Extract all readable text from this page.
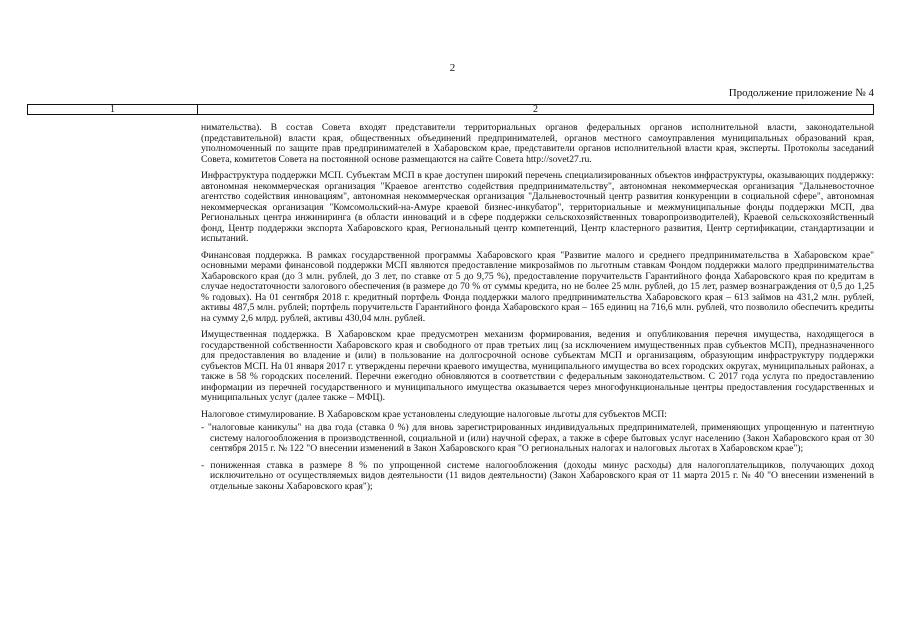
2
Продолжение приложение № 4
1	2

нимательства). В состав Совета входят представители территориальных органов федеральных органов исполнительной власти, законодательной (представительной) власти края, общественных объединений предпринимателей, органов местного самоуправления муниципальных образований края, уполномоченный по защите прав предпринимателей в Хабаровском крае, представители органов исполнительной власти края, эксперты. Протоколы заседаний Совета, комитетов Совета на постоянной основе размещаются на сайте Совета http://sovet27.ru.

Инфраструктура поддержки МСП. Субъектам МСП в крае доступен широкий перечень специализированных объектов инфраструктуры, оказывающих поддержку: автономная некоммерческая организация "Краевое агентство содействия предпринимательству", автономная некоммерческая организация "Дальневосточное агентство содействия инновациям", автономная некоммерческая организация "Дальневосточный центр развития конкуренции в социальной сфере", автономная некоммерческая организация "Комсомольский-на-Амуре краевой бизнес-инкубатор", территориальные и межмуниципальные фонды поддержки МСП, два Региональных центра инжиниринга (в области инноваций и в сфере поддержки сельскохозяйственных товаропроизводителей), Краевой сельскохозяйственный фонд, Центр поддержки экспорта Хабаровского края, Региональный центр компетенций, Центр кластерного развития, Центр сертификации, стандартизации и испытаний.

Финансовая поддержка. В рамках государственной программы Хабаровского края "Развитие малого и среднего предпринимательства в Хабаровском крае" основными мерами финансовой поддержки МСП являются предоставление микрозаймов по льготным ставкам Фондом поддержки малого предпринимательства Хабаровского края (до 3 млн. рублей, до 3 лет, по ставке от 5 до 9,75 %), предоставление поручительств Гарантийного фонда Хабаровского края по кредитам в случае недостаточности залогового обеспечения (в размере до 70 % от суммы кредита, но не более 25 млн. рублей, до 15 лет, размер вознаграждения от 0,5 до 1,25 % годовых). На 01 сентября 2018 г. кредитный портфель Фонда поддержки малого предпринимательства Хабаровского края – 613 займов на 431,2 млн. рублей, активы 487,5 млн. рублей; портфель поручительств Гарантийного фонда Хабаровского края – 165 единиц на 716,6 млн. рублей, что позволило обеспечить кредиты на сумму 2,6 млрд. рублей, активы 430,04 млн. рублей.

Имущественная поддержка. В Хабаровском крае предусмотрен механизм формирования, ведения и опубликования перечня имущества, находящегося в государственной собственности Хабаровского края и свободного от прав третьих лиц (за исключением имущественных прав субъектов МСП), предназначенного для предоставления во владение и (или) в пользование на долгосрочной основе субъектам МСП и организациям, образующим инфраструктуру поддержки субъектов МСП. На 01 января 2017 г. утверждены перечни краевого имущества, муниципального имущества во всех городских округах, муниципальных районах, а также в 58 % городских поселений. Перечни ежегодно обновляются в соответствии с федеральным законодательством. С 2017 года услуга по предоставлению информации из перечней государственного и муниципального имущества оказывается через многофункциональные центры предоставления государственных и муниципальных услуг (далее также – МФЦ).

Налоговое стимулирование. В Хабаровском крае установлены следующие налоговые льготы для субъектов МСП:

- "налоговые каникулы" на два года (ставка 0 %) для вновь зарегистрированных индивидуальных предпринимателей, применяющих упрощенную и патентную систему налогообложения в производственной, социальной и (или) научной сферах, а также в сфере бытовых услуг населению (Закон Хабаровского края от 30 сентября 2015 г. № 122 "О внесении изменений в Закон Хабаровского края "О региональных налогах и налоговых льготах в Хабаровском крае");

- пониженная ставка в размере 8 % по упрощенной системе налогообложения (доходы минус расходы) для налогоплательщиков, получающих доход исключительно от осуществляемых видов деятельности (11 видов деятельности) (Закон Хабаровского края от 11 марта 2015 г. № 40 "О внесении изменений в отдельные законы Хабаровского края");
